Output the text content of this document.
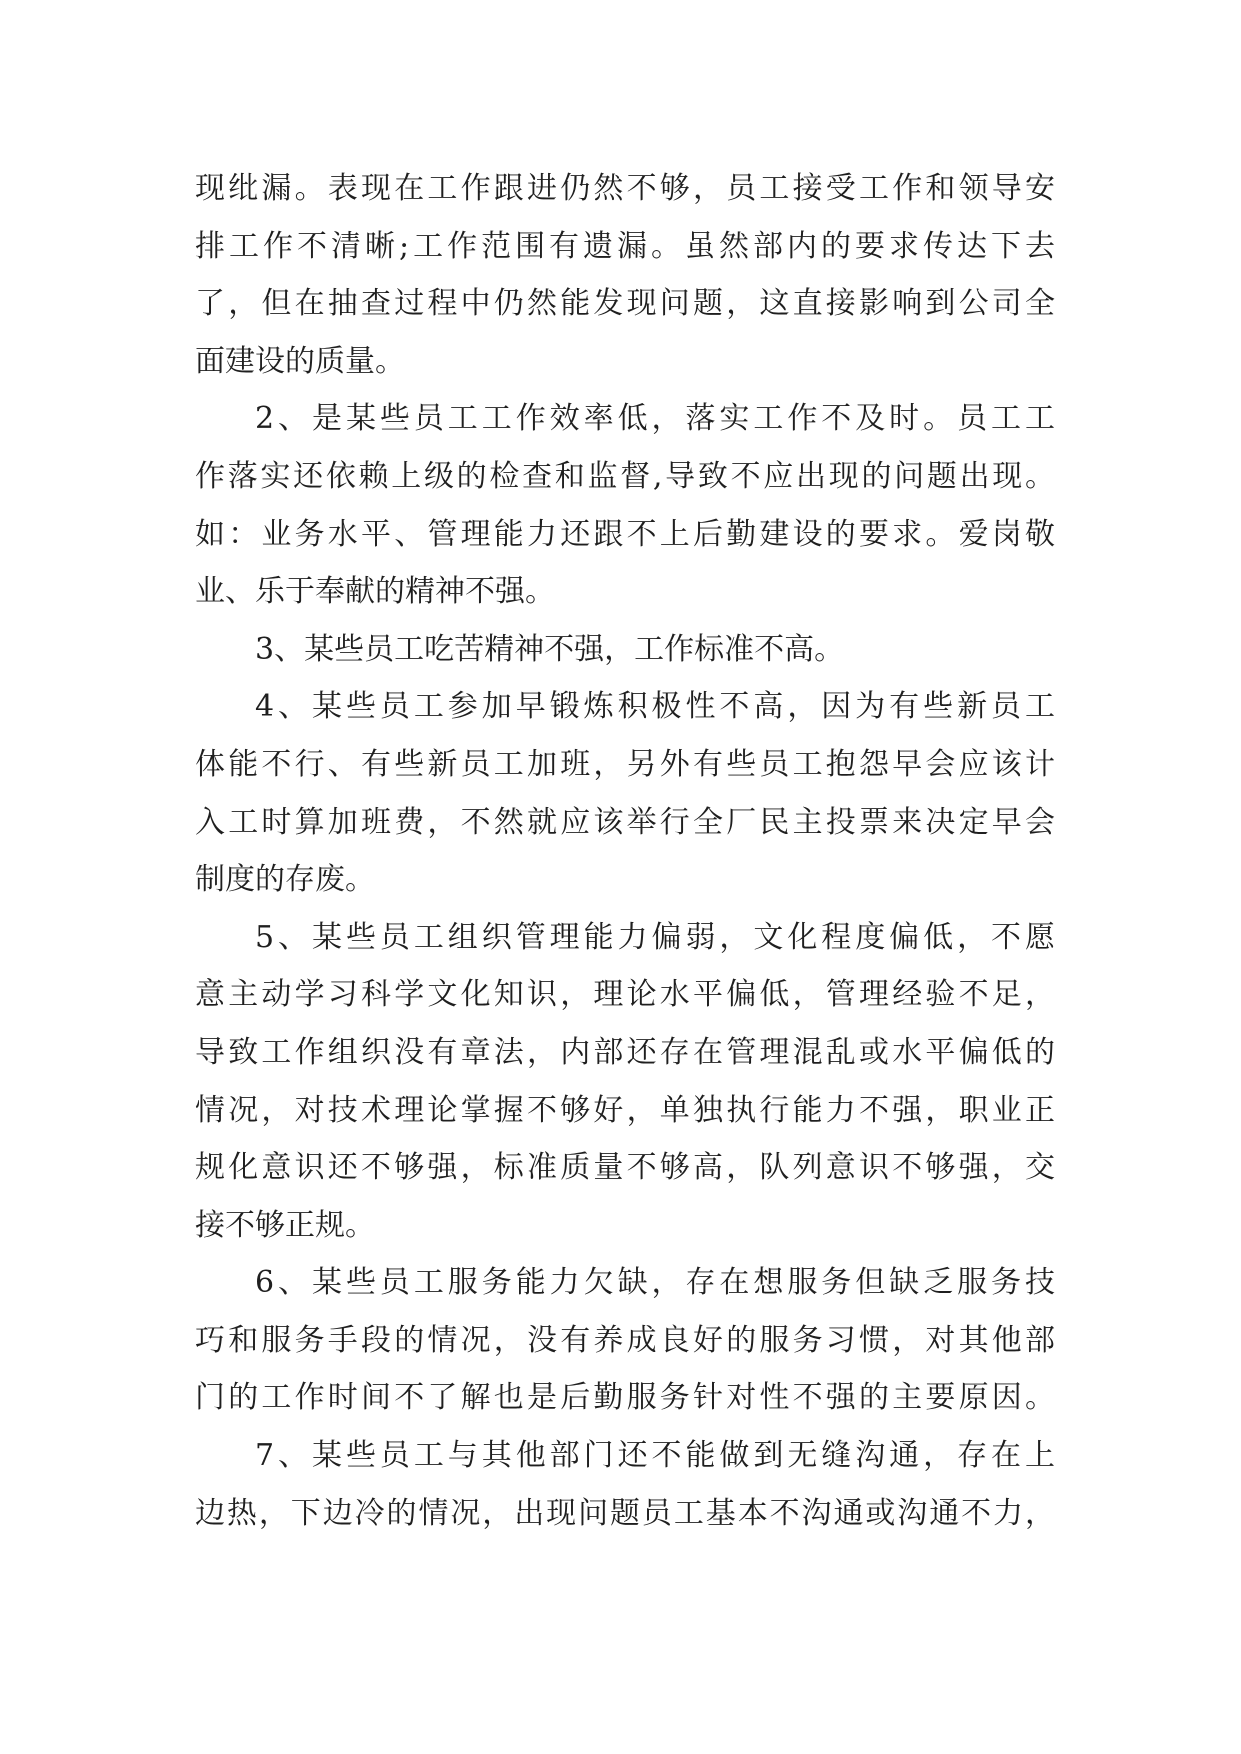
现纰漏。表现在工作跟进仍然不够，员工接受工作和领导安
排工作不清晰;工作范围有遗漏。虽然部内的要求传达下去
了，但在抽查过程中仍然能发现问题，这直接影响到公司全
面建设的质量。
2、是某些员工工作效率低，落实工作不及时。员工工
作落实还依赖上级的检查和监督,导致不应出现的问题出现。
如：业务水平、管理能力还跟不上后勤建设的要求。爱岗敬
业、乐于奉献的精神不强。
3、某些员工吃苦精神不强，工作标准不高。
4、某些员工参加早锻炼积极性不高，因为有些新员工
体能不行、有些新员工加班，另外有些员工抱怨早会应该计
入工时算加班费，不然就应该举行全厂民主投票来决定早会
制度的存废。
5、某些员工组织管理能力偏弱，文化程度偏低，不愿
意主动学习科学文化知识，理论水平偏低，管理经验不足，
导致工作组织没有章法，内部还存在管理混乱或水平偏低的
情况，对技术理论掌握不够好，单独执行能力不强，职业正
规化意识还不够强，标准质量不够高，队列意识不够强，交
接不够正规。
6、某些员工服务能力欠缺，存在想服务但缺乏服务技
巧和服务手段的情况，没有养成良好的服务习惯，对其他部
门的工作时间不了解也是后勤服务针对性不强的主要原因。
7、某些员工与其他部门还不能做到无缝沟通，存在上
边热，下边冷的情况，出现问题员工基本不沟通或沟通不力，
